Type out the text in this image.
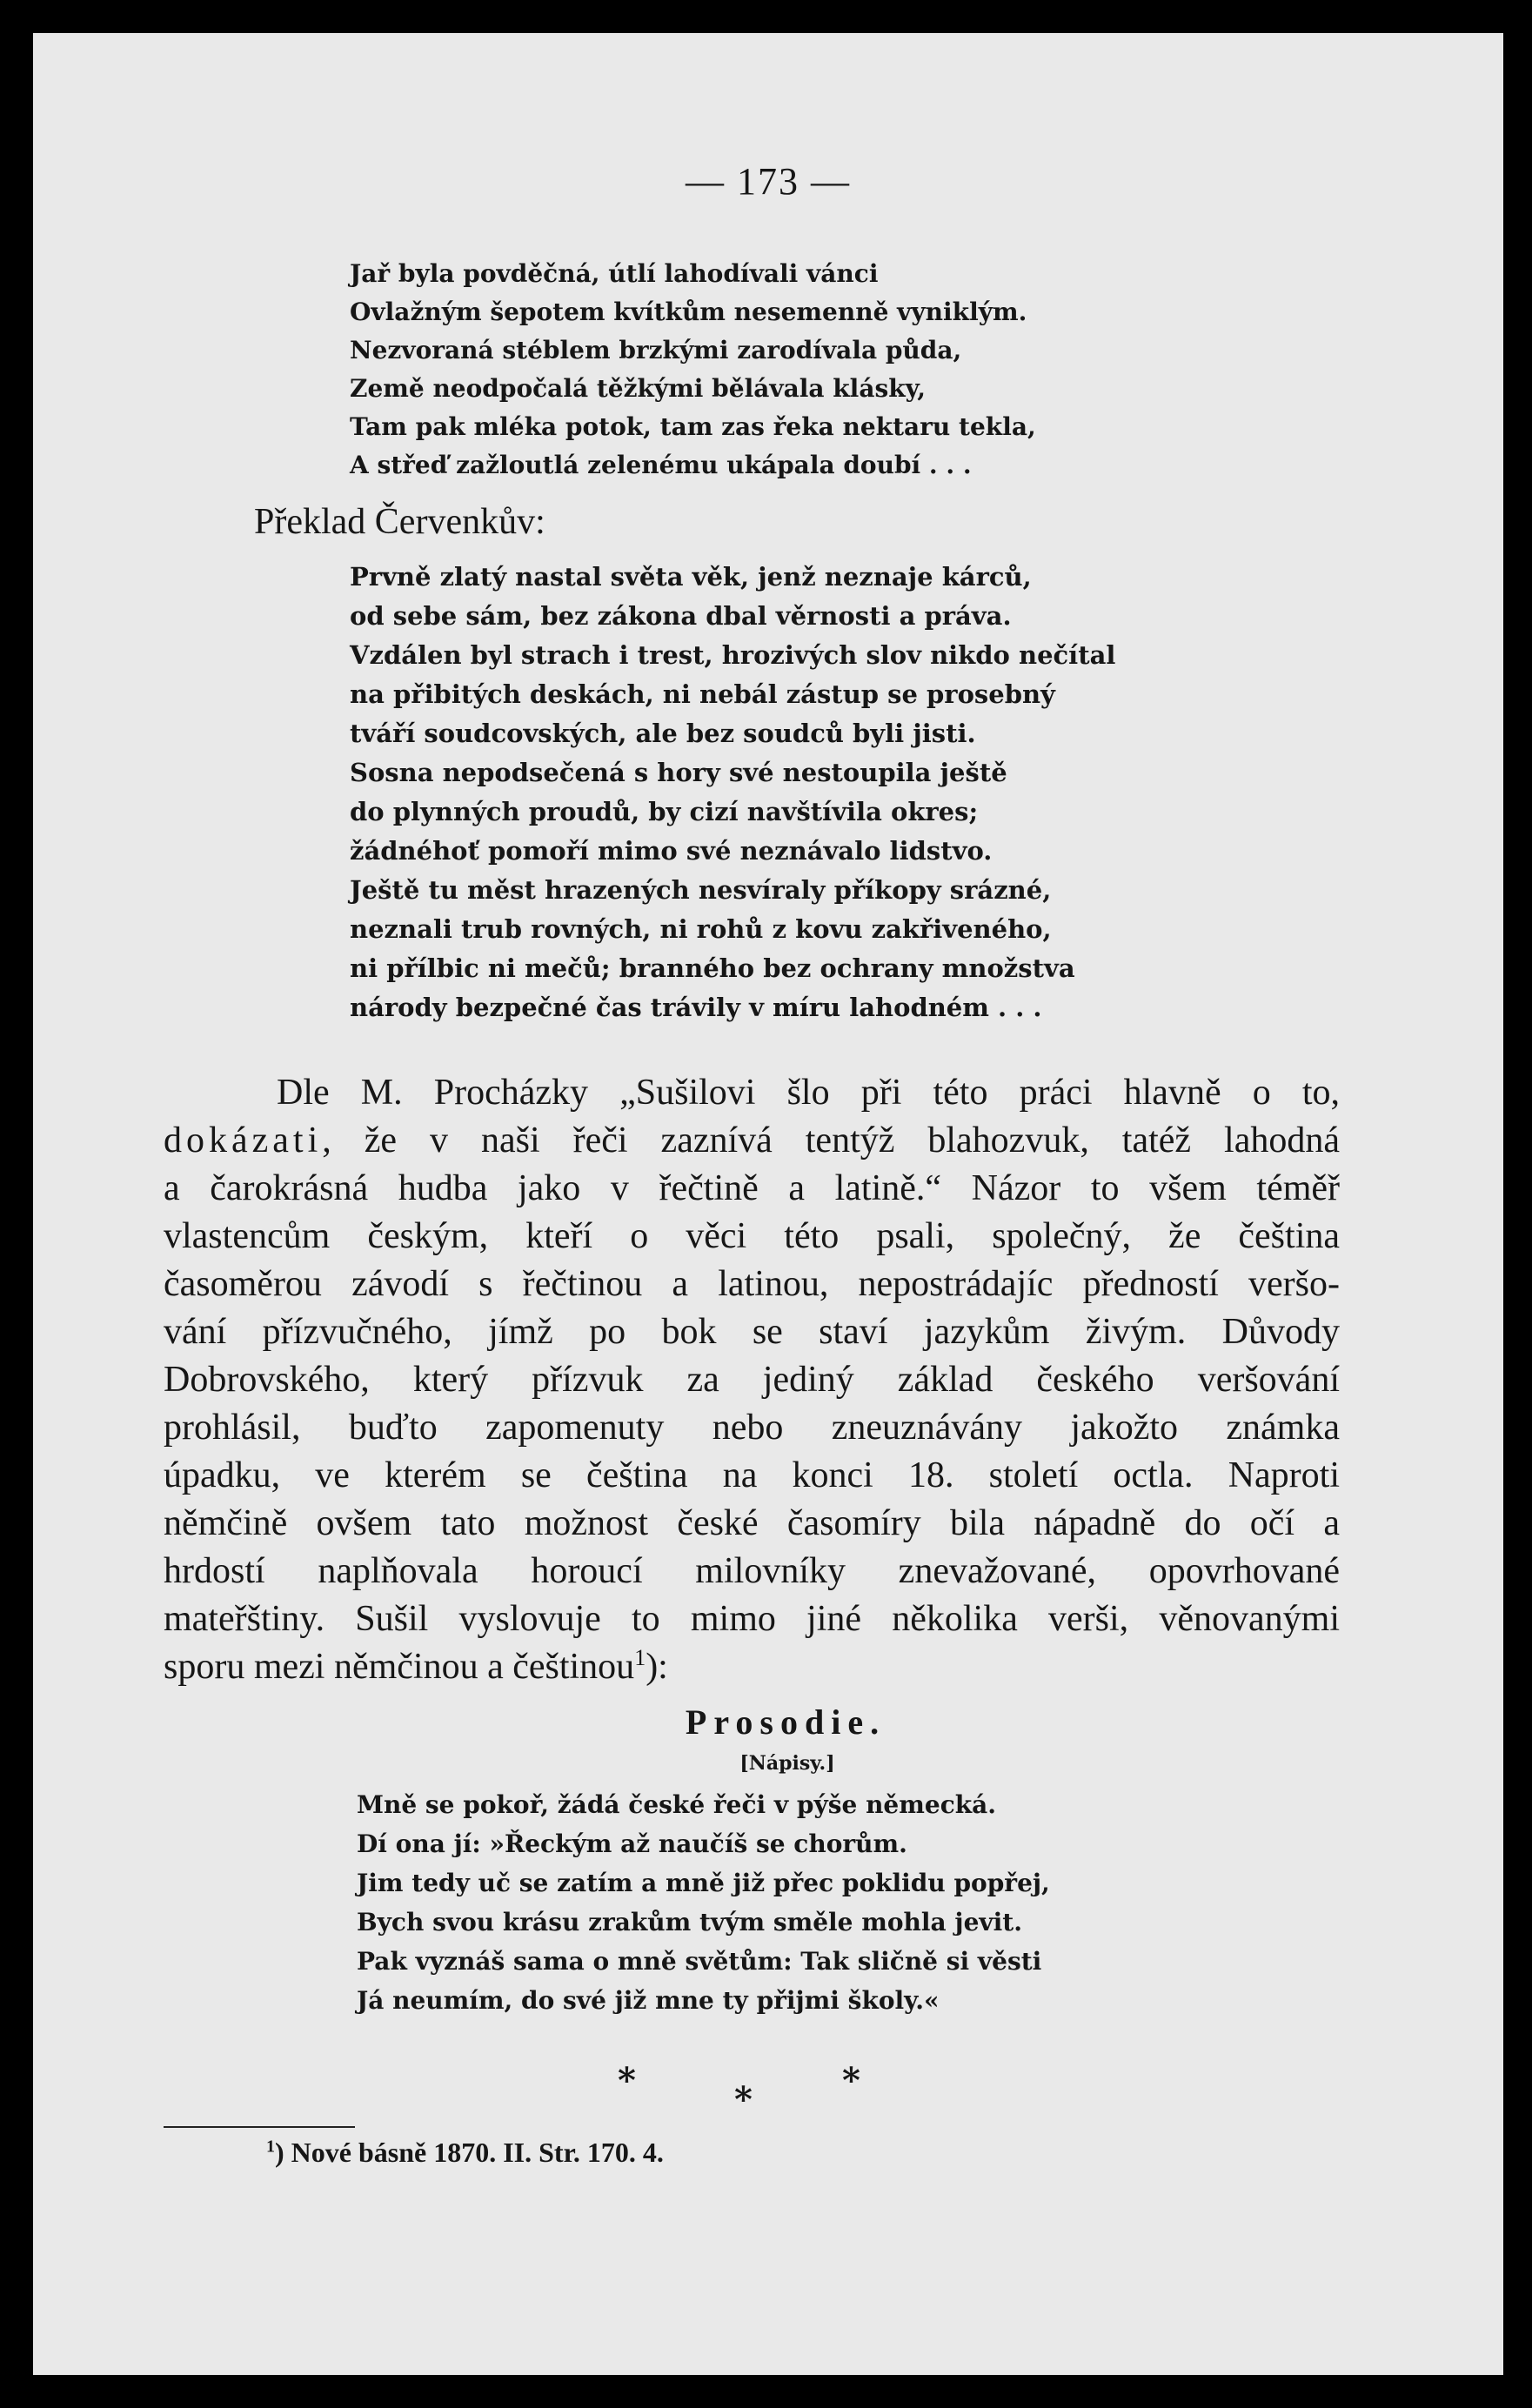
— 173 —
Jař byla povděčná, útlí lahodívali vánci
Ovlažným šepotem kvítkům nesemenně vyniklým.
Nezvoraná stéblem brzkými zarodívala půda,
Země neodpočalá těžkými bělávala klásky,
Tam pak mléka potok, tam zas řeka nektaru tekla,
A střeď zažloutlá zelenému ukápala doubí . . .
Překlad Červenkův:
Prvně zlatý nastal světa věk, jenž neznaje kárců,
od sebe sám, bez zákona dbal věrnosti a práva.
Vzdálen byl strach i trest, hrozivých slov nikdo nečítal
na přibitých deskách, ni nebál zástup se prosebný
tváří soudcovských, ale bez soudců byli jisti.
Sosna nepodsečená s hory své nestoupila ještě
do plynných proudů, by cizí navštívila okres;
žádnéhoť pomoří mimo své neznávalo lidstvo.
Ještě tu měst hrazených nesvíraly příkopy srázné,
neznali trub rovných, ni rohů z kovu zakřiveného,
ni přílbic ni mečů; branného bez ochrany množstva
národy bezpečné čas trávily v míru lahodném . . .
Dle M. Procházky „Sušilovi šlo při této práci hlavně o to,
dokázati, že v naši řeči zaznívá tentýž blahozvuk, tatéž lahodná
a čarokrásná hudba jako v řečtině a latině.“ Názor to všem téměř
vlastencům českým, kteří o věci této psali, společný, že čeština
časoměrou závodí s řečtinou a latinou, nepostrádajíc předností veršo-
vání přízvučného, jímž po bok se staví jazykům živým. Důvody
Dobrovského, který přízvuk za jediný základ českého veršování
prohlásil, buďto zapomenuty nebo zneuznávány jakožto známka
úpadku, ve kterém se čeština na konci 18. století octla. Naproti
němčině ovšem tato možnost české časomíry bila nápadně do očí a
hrdostí naplňovala horoucí milovníky znevažované, opovrhované
mateřštiny. Sušil vyslovuje to mimo jiné několika verši, věnovanými
sporu mezi němčinou a češtinou$^1$):
Prosodie.
[Nápisy.]
Mně se pokoř, žádá české řeči v pýše německá.
Dí ona jí: »Řeckým až naučíš se chorům.
Jim tedy uč se zatím a mně již přec poklidu popřej,
Bych svou krásu zrakům tvým směle mohla jevit.
Pak vyznáš sama o mně světům: Tak sličně si věsti
Já neumím, do své již mne ty přijmi školy.«
*	*	*
$^1$) Nové básně 1870. II. Str. 170. 4.
